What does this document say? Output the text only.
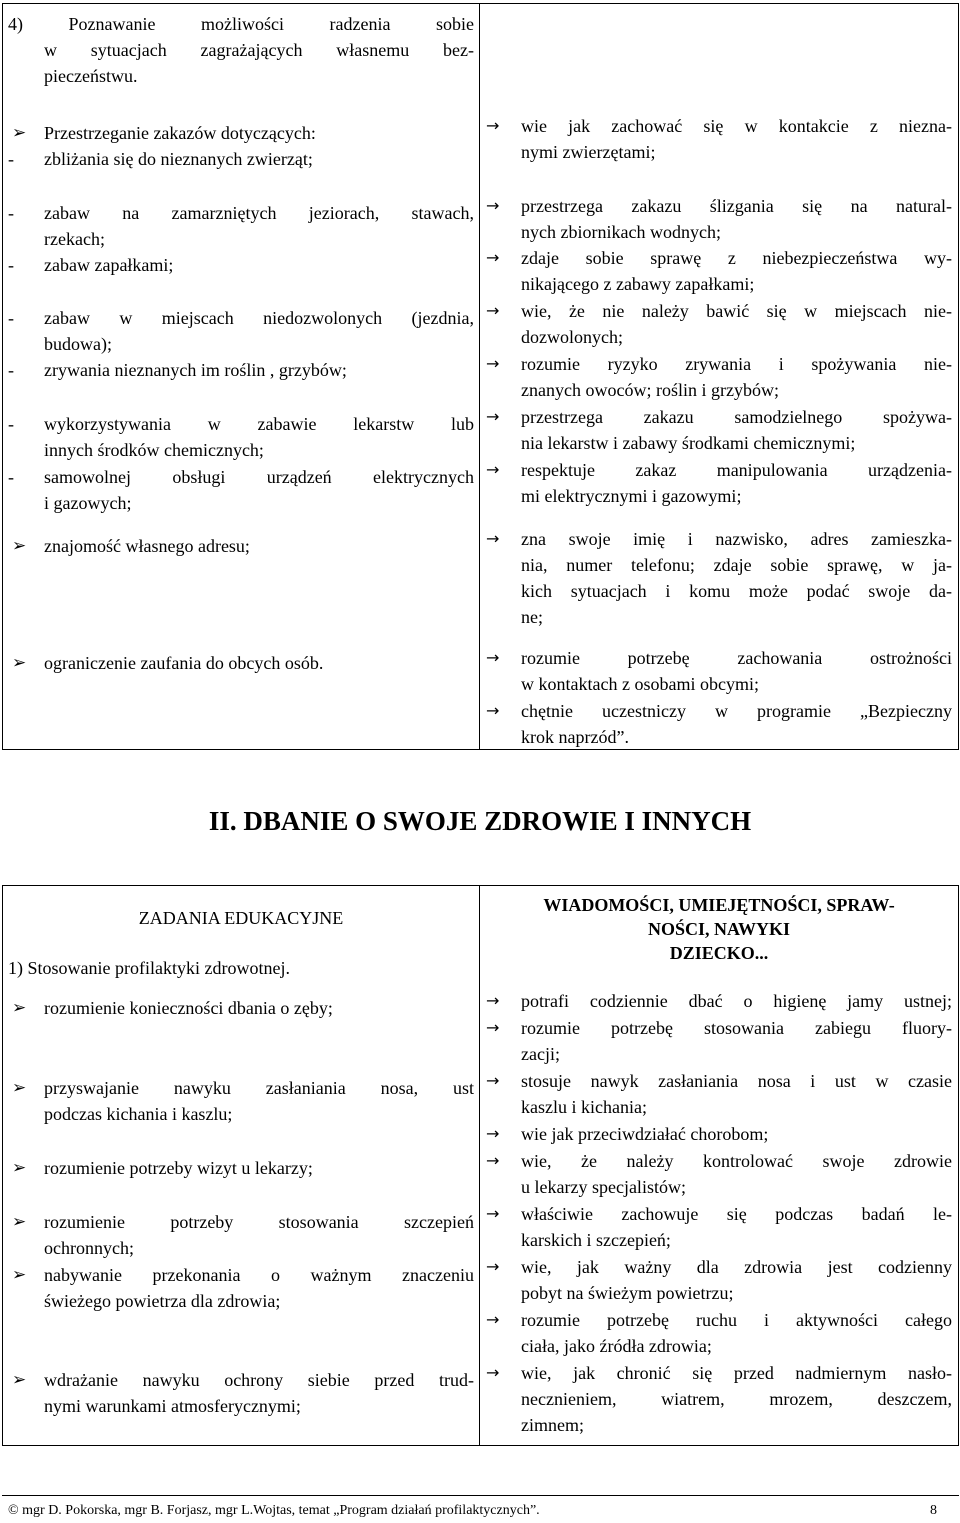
4) Poznawanie możliwości radzenia sobie
w sytuacjach zagrażających własnemu bez-
pieczeństwu.
➢ Przestrzeganie zakazów dotyczących:
- zbliżania się do nieznanych zwierząt;
- zabaw na zamarzniętych jeziorach, stawach,
rzekach;
- zabaw zapałkami;
- zabaw w miejscach niedozwolonych (jezdnia,
budowa);
- zrywania nieznanych im roślin , grzybów;
- wykorzystywania w zabawie lekarstw lub
innych środków chemicznych;
- samowolnej obsługi urządzeń elektrycznych
i gazowych;
➢ znajomość własnego adresu;
➢ ograniczenie zaufania do obcych osób.
→ wie jak zachować się w kontakcie z niezna-
nymi zwierzętami;
→ przestrzega zakazu ślizgania się na natural-
nych zbiornikach wodnych;
→ zdaje sobie sprawę z niebezpieczeństwa wy-
nikającego z zabawy zapałkami;
→ wie, że nie należy bawić się w miejscach nie-
dozwolonych;
→ rozumie ryzyko zrywania i spożywania nie-
znanych owoców; roślin i grzybów;
→ przestrzega zakazu samodzielnego spożywa-
nia lekarstw i zabawy środkami chemicznymi;
→ respektuje zakaz manipulowania urządzenia-
mi elektrycznymi i gazowymi;
→ zna swoje imię i nazwisko, adres zamieszka-
nia, numer telefonu; zdaje sobie sprawę, w ja-
kich sytuacjach i komu może podać swoje da-
ne;
→ rozumie potrzebę zachowania ostrożności
w kontaktach z osobami obcymi;
→ chętnie uczestniczy w programie „Bezpieczny
krok naprzód”.
II. DBANIE O SWOJE ZDROWIE I INNYCH
ZADANIA EDUKACYJNE
1) Stosowanie profilaktyki zdrowotnej.
➢ rozumienie konieczności dbania o zęby;
➢ przyswajanie nawyku zasłaniania nosa, ust
podczas kichania i kaszlu;
➢ rozumienie potrzeby wizyt u lekarzy;
➢ rozumienie potrzeby stosowania szczepień
ochronnych;
➢ nabywanie przekonania o ważnym znaczeniu
świeżego powietrza dla zdrowia;
➢ wdrażanie nawyku ochrony siebie przed trud-
nymi warunkami atmosferycznymi;
WIADOMOŚCI, UMIEJĘTNOŚCI, SPRAW-
NOŚCI, NAWYKI
DZIECKO...
→ potrafi codziennie dbać o higienę jamy ustnej;
→ rozumie potrzebę stosowania zabiegu fluory-
zacji;
→ stosuje nawyk zasłaniania nosa i ust w czasie
kaszlu i kichania;
→ wie jak przeciwdziałać chorobom;
→ wie, że należy kontrolować swoje zdrowie
u lekarzy specjalistów;
→ właściwie zachowuje się podczas badań le-
karskich i szczepień;
→ wie, jak ważny dla zdrowia jest codzienny
pobyt na świeżym powietrzu;
→ rozumie potrzebę ruchu i aktywności całego
ciała, jako źródła zdrowia;
→ wie, jak chronić się przed nadmiernym nasło-
necznieniem, wiatrem, mrozem, deszczem,
zimnem;
© mgr D. Pokorska, mgr B. Forjasz, mgr L.Wojtas, temat „Program działań profilaktycznych”.	8
